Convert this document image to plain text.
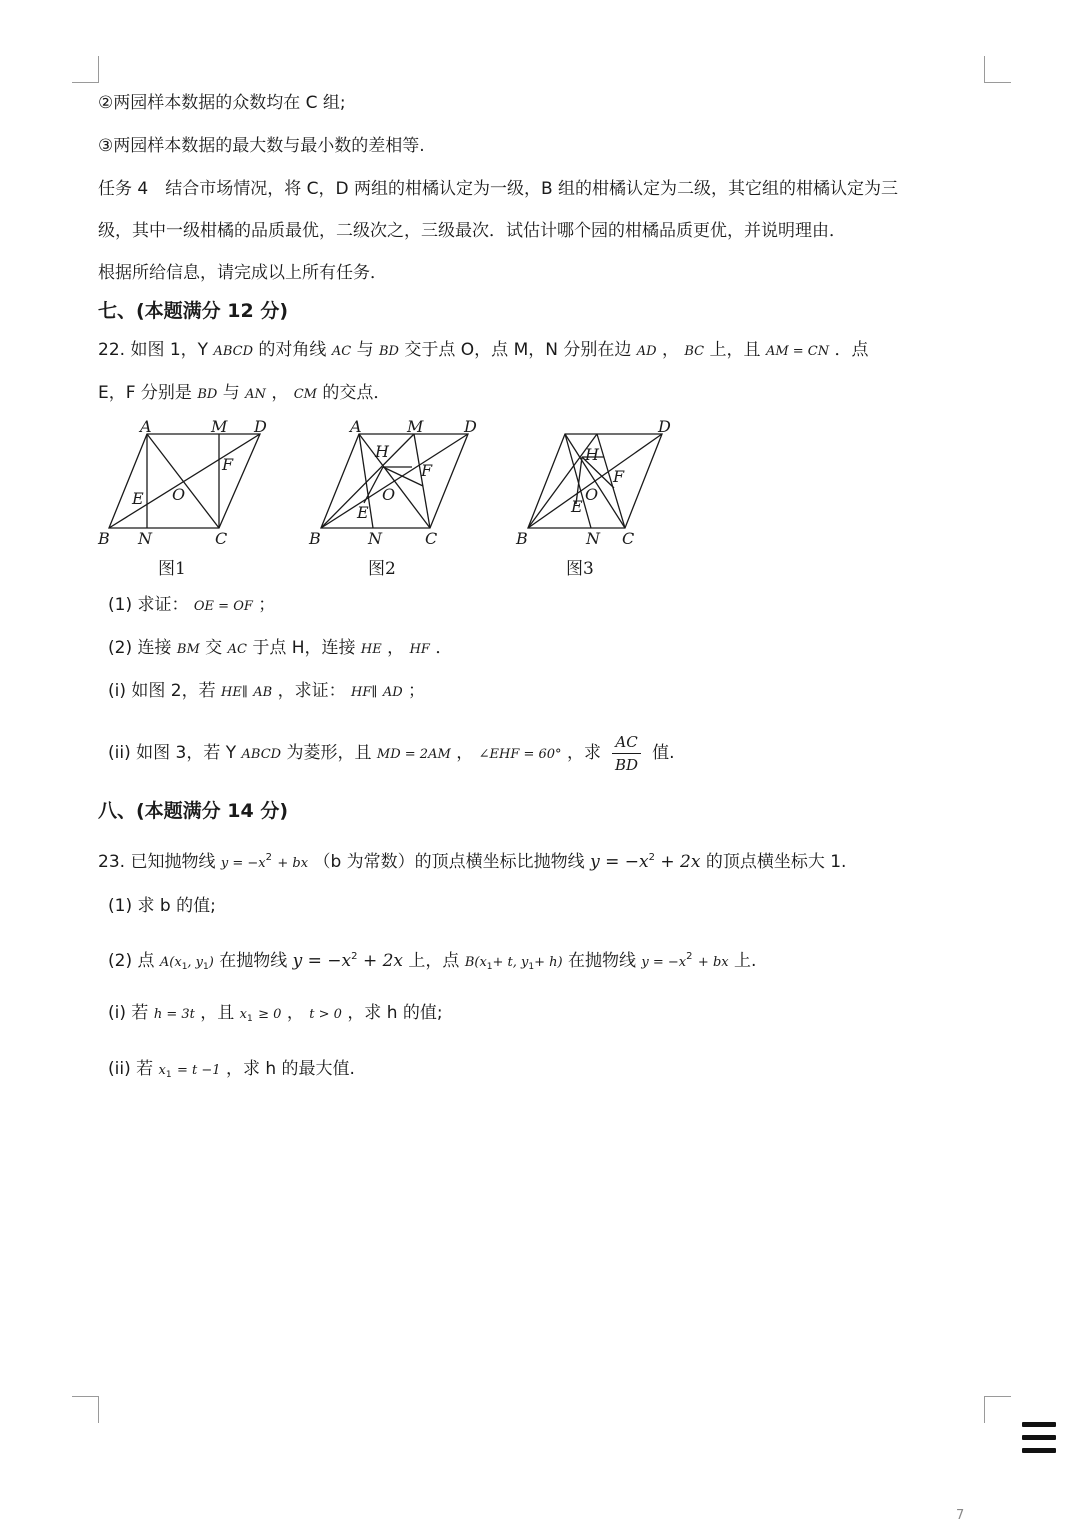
②两园样本数据的众数均在 C 组;
③两园样本数据的最大数与最小数的差相等.
任务 4　结合市场情况，将 C，D 两组的柑橘认定为一级，B 组的柑橘认定为二级，其它组的柑橘认定为三
级，其中一级柑橘的品质最优，二级次之，三级最次．试估计哪个园的柑橘品质更优，并说明理由．
根据所给信息，请完成以上所有任务．
七、(本题满分 12 分)
22. 如图 1，Y ABCD 的对角线 AC 与 BD 交于点 O，点 M，N 分别在边 AD ， BC 上，且 AM = CN ．点
E，F 分别是 BD 与 AN ， CM 的交点．
A	M D
B N	C
E
F
O
图1
A	M	D
B	N	C
E
F
O
H
图2
D
B	N C
E
F
O
H
图3
(1) 求证： OE = OF ；
(2) 连接 BM 交 AC 于点 H，连接 HE ， HF ．
(i) 如图 2，若 HE∥ AB ，求证： HF∥ AD ；
(ii) 如图 3，若 Y ABCD 为菱形，且 MD = 2AM ， ∠EHF = 60° ，求 $\frac{AC}{BD}$ 值.
八、(本题满分 14 分)
23. 已知抛物线 $y = -x^2$ + bx （b 为常数）的顶点横坐标比抛物线 $y = -x^2 + 2x$ 的顶点横坐标大 1.
(1) 求 b 的值;
(2) 点 $A(x_1$, $y_1$) 在抛物线 $y = -x^2 + 2x$ 上，点 $B(x_1+ t$, $y_1+ h$) 在抛物线 $y = -x^2$ + bx 上.
(i) 若 h = 3t ，且 $x_1 \ge 0$ ， t > 0 ，求 h 的值;
(ii) 若 $x_1 = t -1$ ，求 h 的最大值.
7
